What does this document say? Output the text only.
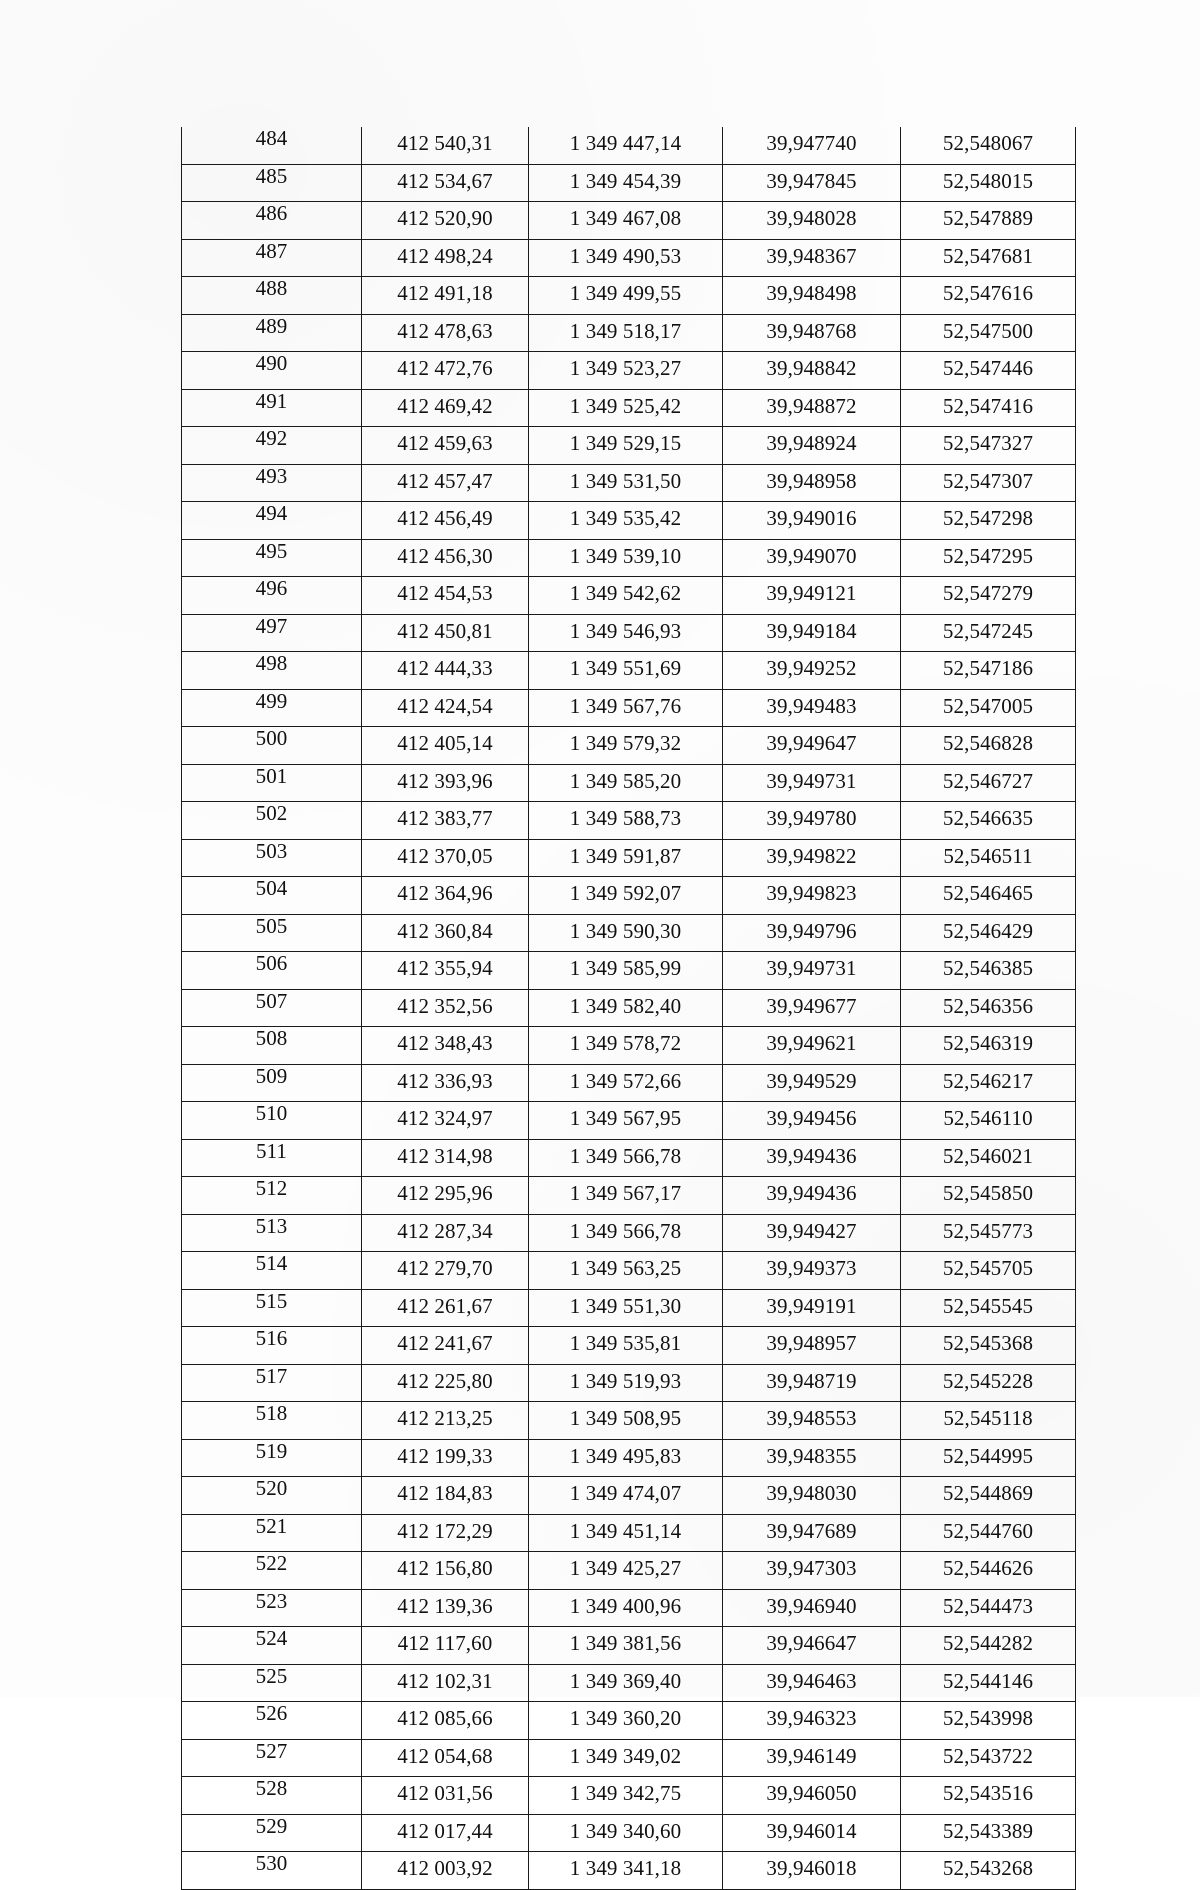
484	412 540,31	1 349 447,14	39,947740	52,548067
485	412 534,67	1 349 454,39	39,947845	52,548015
486	412 520,90	1 349 467,08	39,948028	52,547889
487	412 498,24	1 349 490,53	39,948367	52,547681
488	412 491,18	1 349 499,55	39,948498	52,547616
489	412 478,63	1 349 518,17	39,948768	52,547500
490	412 472,76	1 349 523,27	39,948842	52,547446
491	412 469,42	1 349 525,42	39,948872	52,547416
492	412 459,63	1 349 529,15	39,948924	52,547327
493	412 457,47	1 349 531,50	39,948958	52,547307
494	412 456,49	1 349 535,42	39,949016	52,547298
495	412 456,30	1 349 539,10	39,949070	52,547295
496	412 454,53	1 349 542,62	39,949121	52,547279
497	412 450,81	1 349 546,93	39,949184	52,547245
498	412 444,33	1 349 551,69	39,949252	52,547186
499	412 424,54	1 349 567,76	39,949483	52,547005
500	412 405,14	1 349 579,32	39,949647	52,546828
501	412 393,96	1 349 585,20	39,949731	52,546727
502	412 383,77	1 349 588,73	39,949780	52,546635
503	412 370,05	1 349 591,87	39,949822	52,546511
504	412 364,96	1 349 592,07	39,949823	52,546465
505	412 360,84	1 349 590,30	39,949796	52,546429
506	412 355,94	1 349 585,99	39,949731	52,546385
507	412 352,56	1 349 582,40	39,949677	52,546356
508	412 348,43	1 349 578,72	39,949621	52,546319
509	412 336,93	1 349 572,66	39,949529	52,546217
510	412 324,97	1 349 567,95	39,949456	52,546110
511	412 314,98	1 349 566,78	39,949436	52,546021
512	412 295,96	1 349 567,17	39,949436	52,545850
513	412 287,34	1 349 566,78	39,949427	52,545773
514	412 279,70	1 349 563,25	39,949373	52,545705
515	412 261,67	1 349 551,30	39,949191	52,545545
516	412 241,67	1 349 535,81	39,948957	52,545368
517	412 225,80	1 349 519,93	39,948719	52,545228
518	412 213,25	1 349 508,95	39,948553	52,545118
519	412 199,33	1 349 495,83	39,948355	52,544995
520	412 184,83	1 349 474,07	39,948030	52,544869
521	412 172,29	1 349 451,14	39,947689	52,544760
522	412 156,80	1 349 425,27	39,947303	52,544626
523	412 139,36	1 349 400,96	39,946940	52,544473
524	412 117,60	1 349 381,56	39,946647	52,544282
525	412 102,31	1 349 369,40	39,946463	52,544146
526	412 085,66	1 349 360,20	39,946323	52,543998
527	412 054,68	1 349 349,02	39,946149	52,543722
528	412 031,56	1 349 342,75	39,946050	52,543516
529	412 017,44	1 349 340,60	39,946014	52,543389
530	412 003,92	1 349 341,18	39,946018	52,543268
